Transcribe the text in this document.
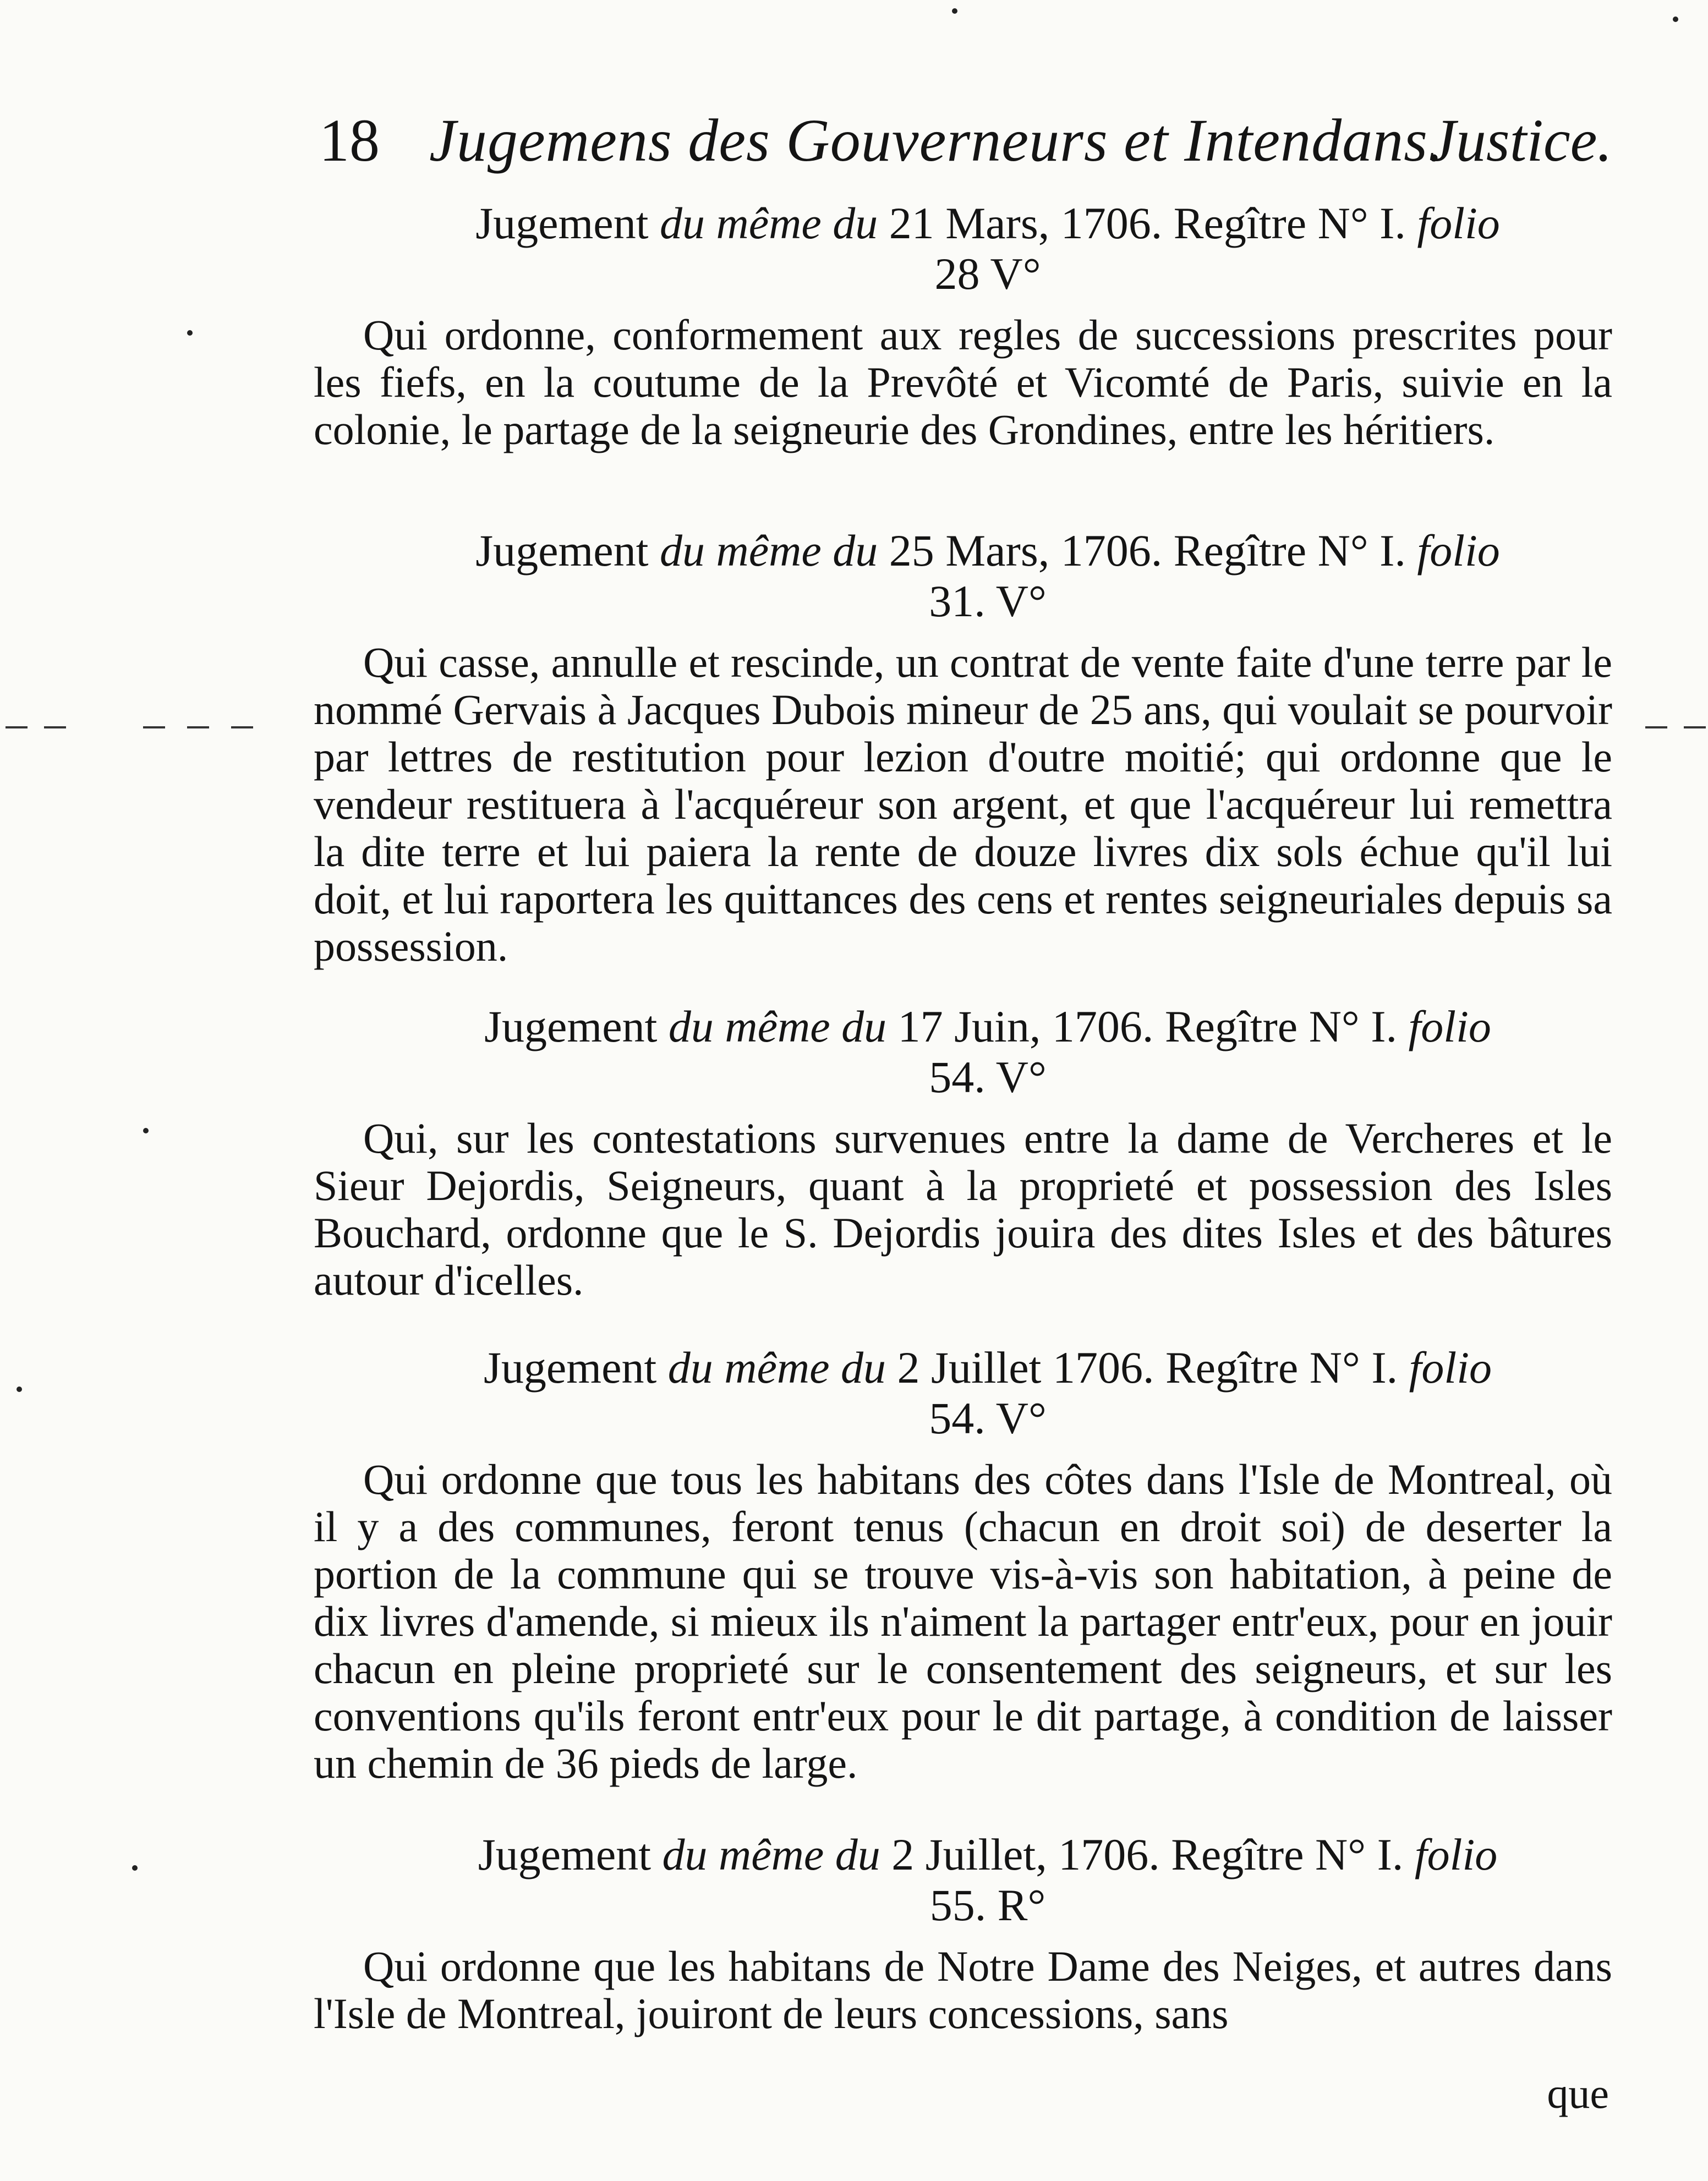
18 Jugemens des Gouverneurs et Intendans.
Justice.
Jugement du même du 21 Mars, 1706. Regître N° I. folio
28 V°
Qui ordonne, conformement aux regles de successions prescrites pour les fiefs, en la coutume de la Prevôté et Vicomté de Paris, suivie en la colonie, le partage de la seigneurie des Grondines, entre les héritiers.
Jugement du même du 25 Mars, 1706. Regître N° I. folio
31. V°
Qui casse, annulle et rescinde, un contrat de vente faite d'une terre par le nommé Gervais à Jacques Dubois mineur de 25 ans, qui voulait se pourvoir par lettres de restitution pour lezion d'outre moitié; qui ordonne que le vendeur restituera à l'acquéreur son argent, et que l'acquéreur lui remettra la dite terre et lui paiera la rente de douze livres dix sols échue qu'il lui doit, et lui raportera les quittances des cens et rentes seigneuriales depuis sa possession.
Jugement du même du 17 Juin, 1706. Regître N° I. folio
54. V°
Qui, sur les contestations survenues entre la dame de Vercheres et le Sieur Dejordis, Seigneurs, quant à la proprieté et possession des Isles Bouchard, ordonne que le S. Dejordis jouira des dites Isles et des bâtures autour d'icelles.
Jugement du même du 2 Juillet 1706. Regître N° I. folio
54. V°
Qui ordonne que tous les habitans des côtes dans l'Isle de Montreal, où il y a des communes, feront tenus (chacun en droit soi) de deserter la portion de la commune qui se trouve vis-à-vis son habitation, à peine de dix livres d'amende, si mieux ils n'aiment la partager entr'eux, pour en jouir chacun en pleine proprieté sur le consentement des seigneurs, et sur les conventions qu'ils feront entr'eux pour le dit partage, à condition de laisser un chemin de 36 pieds de large.
Jugement du même du 2 Juillet, 1706. Regître N° I. folio
55. R°
Qui ordonne que les habitans de Notre Dame des Neiges, et autres dans l'Isle de Montreal, jouiront de leurs concessions, sans
que
